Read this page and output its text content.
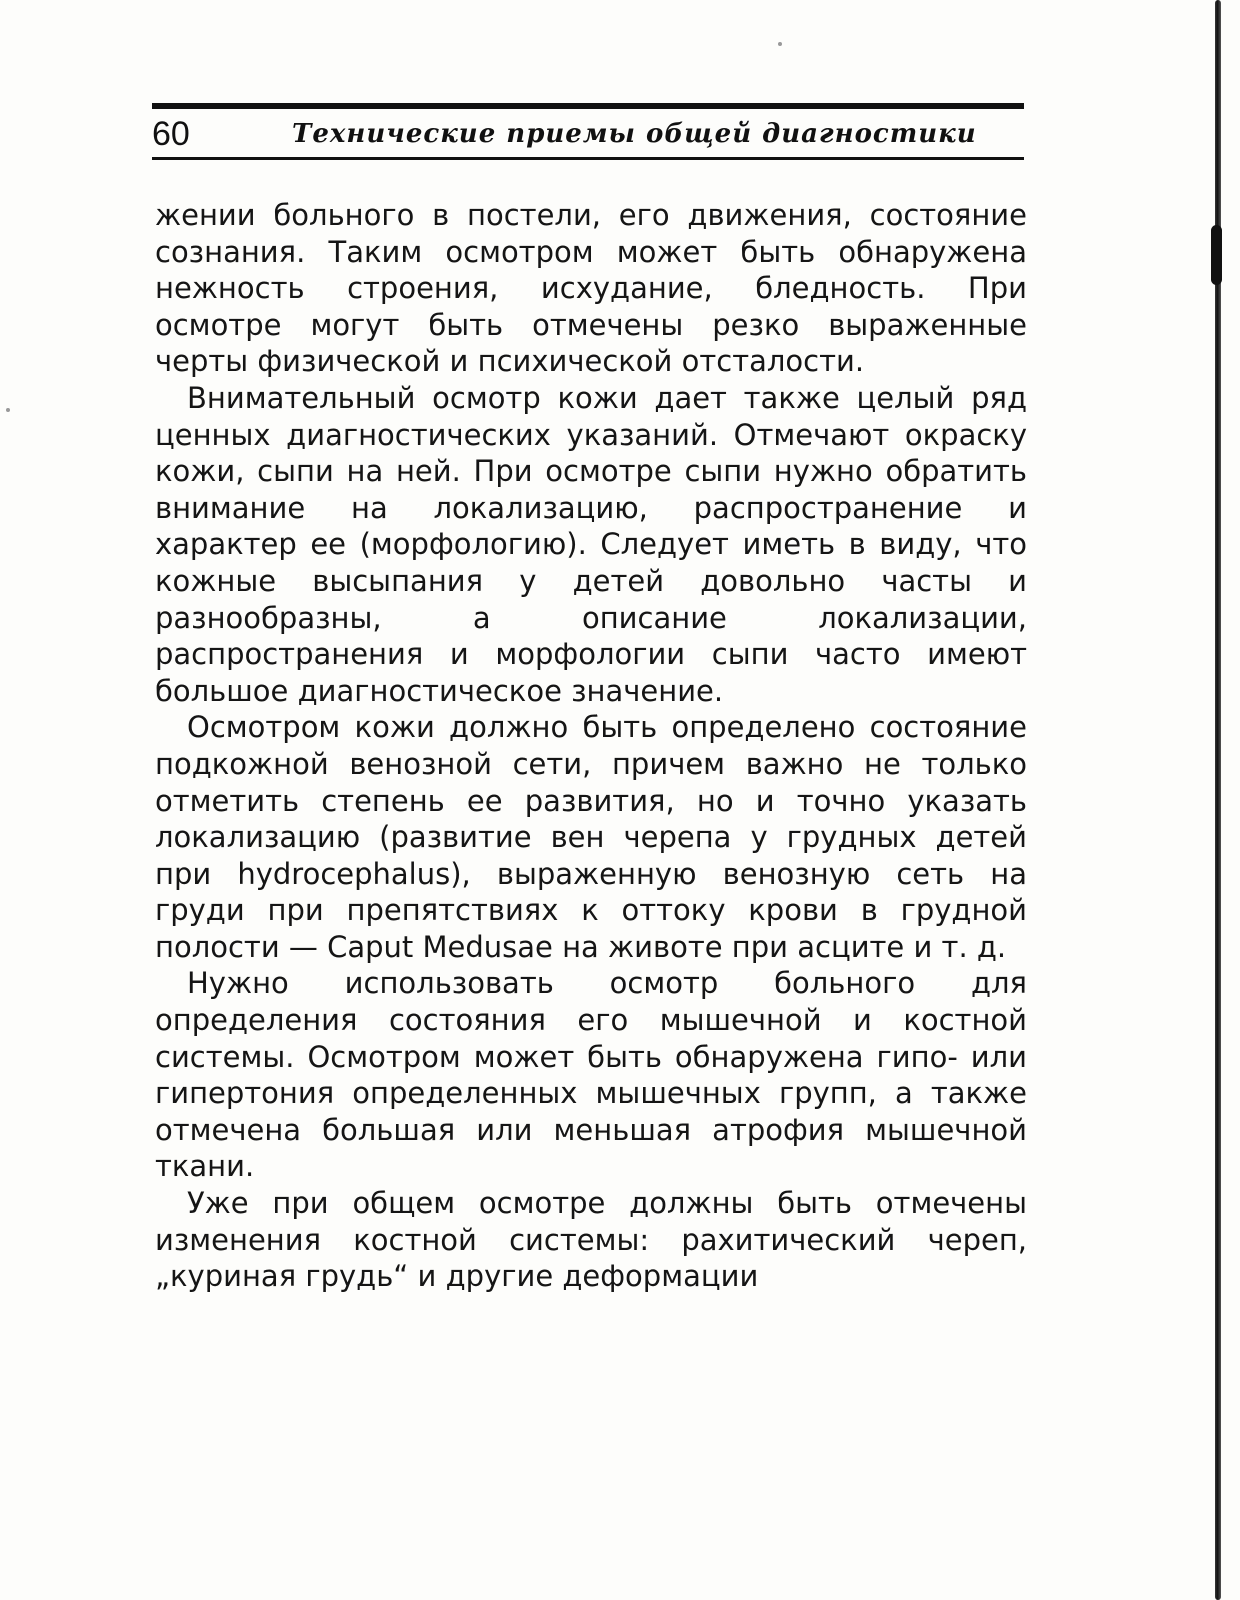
60	Технические приемы общей диагностики

жении больного в постели, его движения, состояние сознания. Таким осмотром может быть обнаружена нежность строения, исхудание, бледность. При осмотре могут быть отмечены резко выраженные черты физической и психической отсталости.

Внимательный осмотр кожи дает также целый ряд ценных диагностических указаний. Отмечают окраску кожи, сыпи на ней. При осмотре сыпи нужно обратить внимание на локализацию, распространение и характер ее (морфологию). Следует иметь в виду, что кожные высыпания у детей довольно часты и разнообразны, а описание локализации, распространения и морфологии сыпи часто имеют большое диагностическое значение.

Осмотром кожи должно быть определено состояние подкожной венозной сети, причем важно не только отметить степень ее развития, но и точно указать локализацию (развитие вен черепа у грудных детей при hydrocephalus), выраженную венозную сеть на груди при препятствиях к оттоку крови в грудной полости — Caput Medusae на животе при асците и т. д.

Нужно использовать осмотр больного для определения состояния его мышечной и костной системы. Осмотром может быть обнаружена гипо- или гипертония определенных мышечных групп, а также отмечена большая или меньшая атрофия мышечной ткани.

Уже при общем осмотре должны быть отмечены изменения костной системы: рахитический череп, „куриная грудь“ и другие деформации
